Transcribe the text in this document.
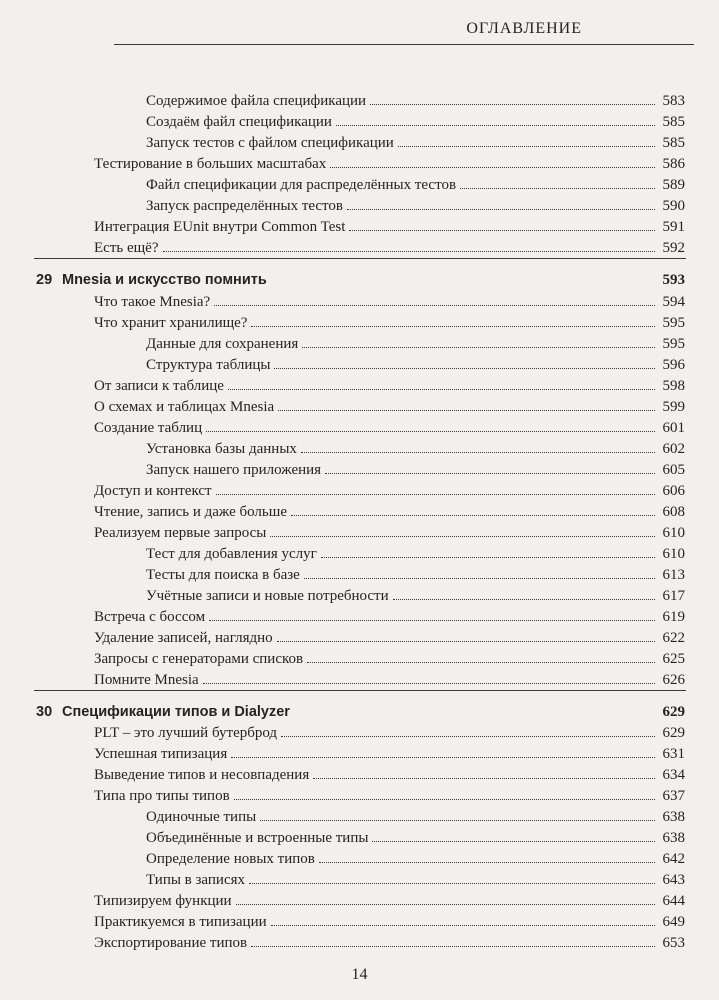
ОГЛАВЛЕНИЕ
Содержимое файла спецификации	583
Создаём файл спецификации	585
Запуск тестов с файлом спецификации	585
Тестирование в больших масштабах	586
Файл спецификации для распределённых тестов	589
Запуск распределённых тестов	590
Интеграция EUnit внутри Common Test	591
Есть ещё?	592
29 Mnesia и искусство помнить	593
Что такое Mnesia?	594
Что хранит хранилище?	595
Данные для сохранения	595
Структура таблицы	596
От записи к таблице	598
О схемах и таблицах Mnesia	599
Создание таблиц	601
Установка базы данных	602
Запуск нашего приложения	605
Доступ и контекст	606
Чтение, запись и даже больше	608
Реализуем первые запросы	610
Тест для добавления услуг	610
Тесты для поиска в базе	613
Учётные записи и новые потребности	617
Встреча с боссом	619
Удаление записей, наглядно	622
Запросы с генераторами списков	625
Помните Mnesia	626
30 Спецификации типов и Dialyzer	629
PLT – это лучший бутерброд	629
Успешная типизация	631
Выведение типов и несовпадения	634
Типа про типы типов	637
Одиночные типы	638
Объединённые и встроенные типы	638
Определение новых типов	642
Типы в записях	643
Типизируем функции	644
Практикуемся в типизации	649
Экспортирование типов	653
14
